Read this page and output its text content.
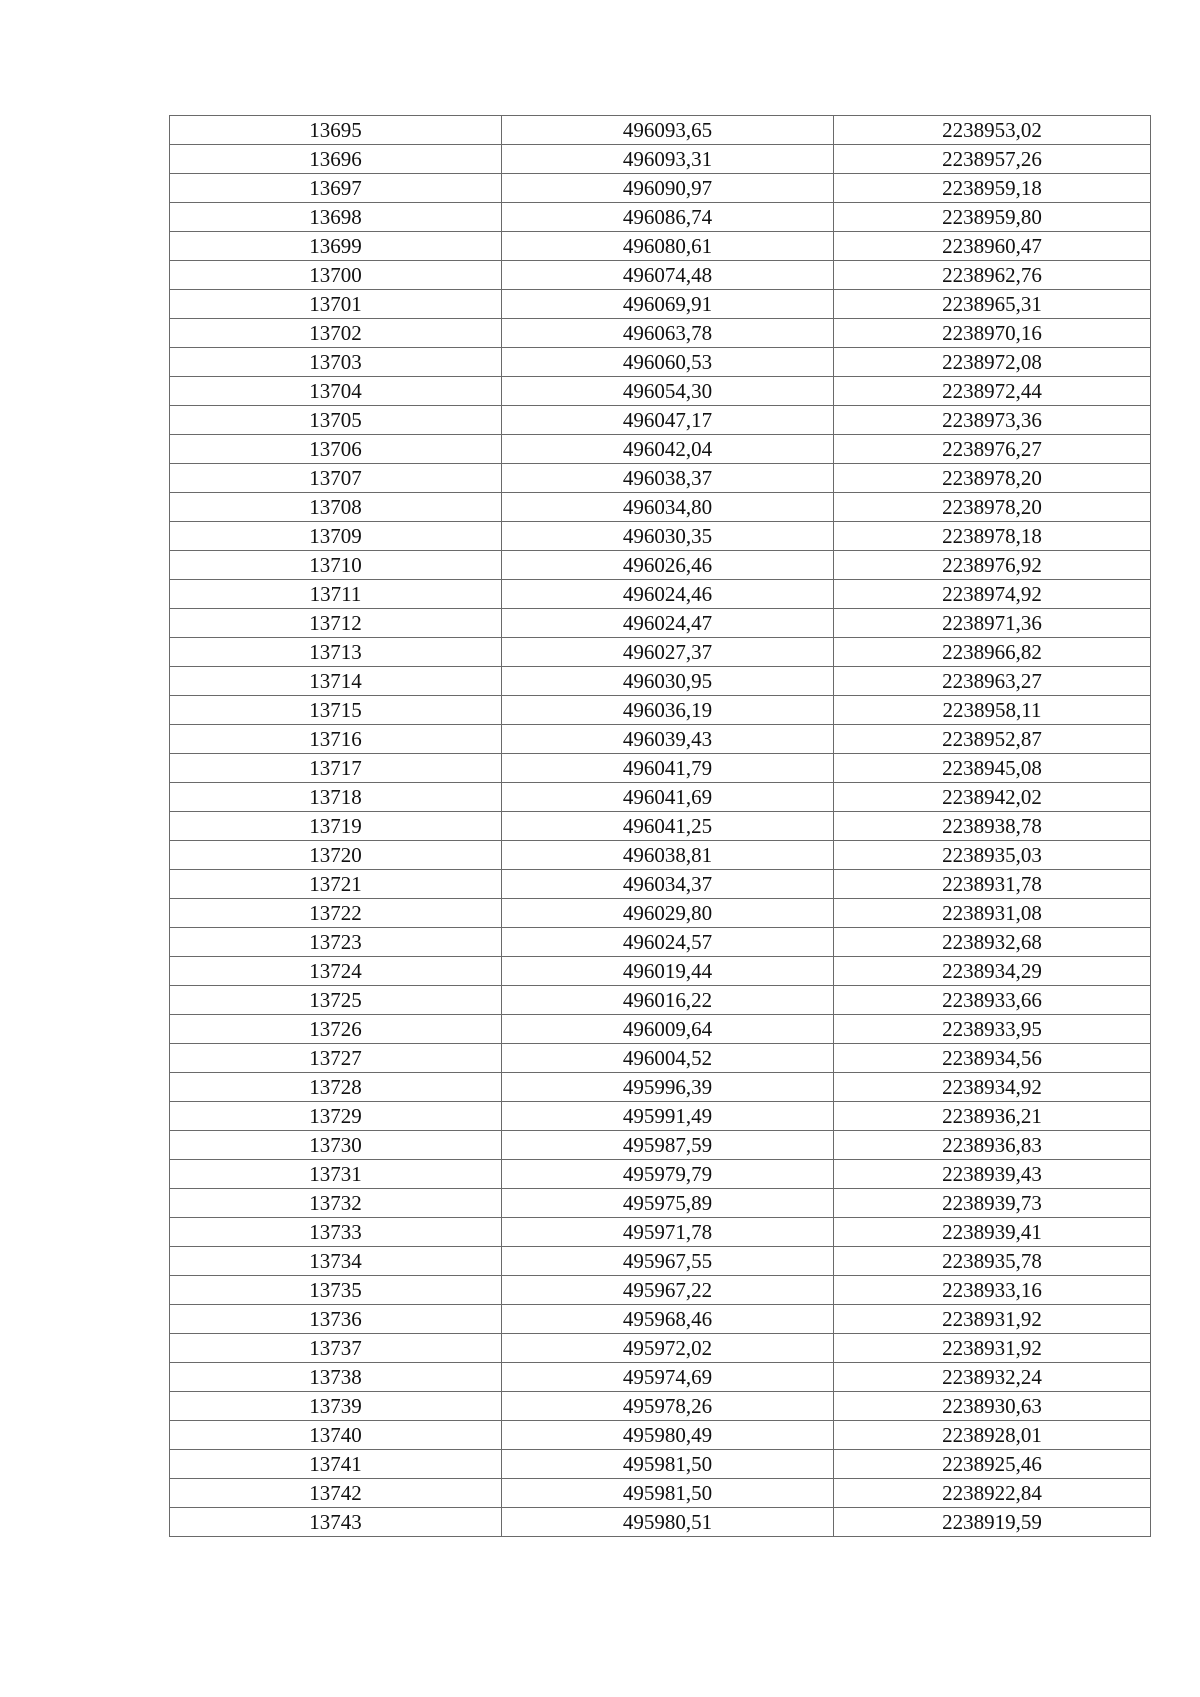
13695	496093,65	2238953,02
13696	496093,31	2238957,26
13697	496090,97	2238959,18
13698	496086,74	2238959,80
13699	496080,61	2238960,47
13700	496074,48	2238962,76
13701	496069,91	2238965,31
13702	496063,78	2238970,16
13703	496060,53	2238972,08
13704	496054,30	2238972,44
13705	496047,17	2238973,36
13706	496042,04	2238976,27
13707	496038,37	2238978,20
13708	496034,80	2238978,20
13709	496030,35	2238978,18
13710	496026,46	2238976,92
13711	496024,46	2238974,92
13712	496024,47	2238971,36
13713	496027,37	2238966,82
13714	496030,95	2238963,27
13715	496036,19	2238958,11
13716	496039,43	2238952,87
13717	496041,79	2238945,08
13718	496041,69	2238942,02
13719	496041,25	2238938,78
13720	496038,81	2238935,03
13721	496034,37	2238931,78
13722	496029,80	2238931,08
13723	496024,57	2238932,68
13724	496019,44	2238934,29
13725	496016,22	2238933,66
13726	496009,64	2238933,95
13727	496004,52	2238934,56
13728	495996,39	2238934,92
13729	495991,49	2238936,21
13730	495987,59	2238936,83
13731	495979,79	2238939,43
13732	495975,89	2238939,73
13733	495971,78	2238939,41
13734	495967,55	2238935,78
13735	495967,22	2238933,16
13736	495968,46	2238931,92
13737	495972,02	2238931,92
13738	495974,69	2238932,24
13739	495978,26	2238930,63
13740	495980,49	2238928,01
13741	495981,50	2238925,46
13742	495981,50	2238922,84
13743	495980,51	2238919,59
